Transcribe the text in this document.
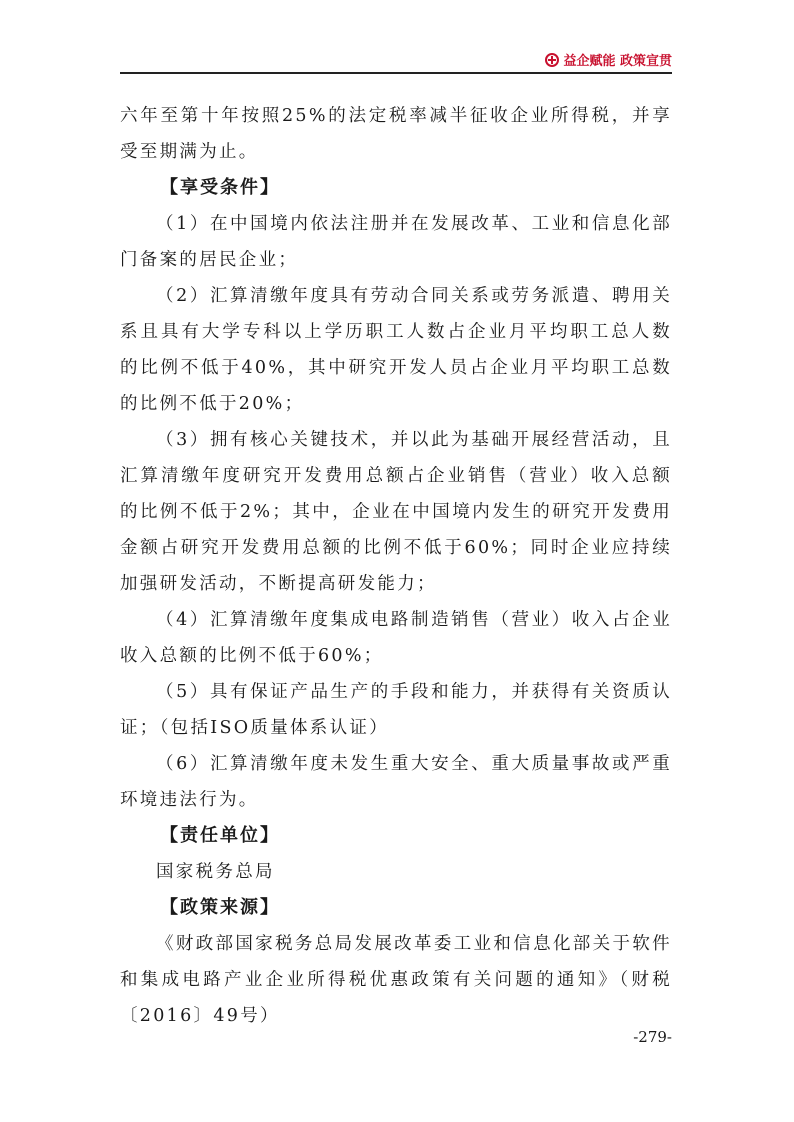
益企赋能 政策宣贯

六年至第十年按照25%的法定税率减半征收企业所得税，并享受至期满为止。

【享受条件】

（1）在中国境内依法注册并在发展改革、工业和信息化部门备案的居民企业；

（2）汇算清缴年度具有劳动合同关系或劳务派遣、聘用关系且具有大学专科以上学历职工人数占企业月平均职工总人数的比例不低于40%，其中研究开发人员占企业月平均职工总数的比例不低于20%；

（3）拥有核心关键技术，并以此为基础开展经营活动，且汇算清缴年度研究开发费用总额占企业销售（营业）收入总额的比例不低于2%；其中，企业在中国境内发生的研究开发费用金额占研究开发费用总额的比例不低于60%；同时企业应持续加强研发活动，不断提高研发能力；

（4）汇算清缴年度集成电路制造销售（营业）收入占企业收入总额的比例不低于60%；

（5）具有保证产品生产的手段和能力，并获得有关资质认证；（包括ISO质量体系认证）

（6）汇算清缴年度未发生重大安全、重大质量事故或严重环境违法行为。

【责任单位】

国家税务总局

【政策来源】

《财政部国家税务总局发展改革委工业和信息化部关于软件和集成电路产业企业所得税优惠政策有关问题的通知》（财税〔2016〕49号）

-279-
